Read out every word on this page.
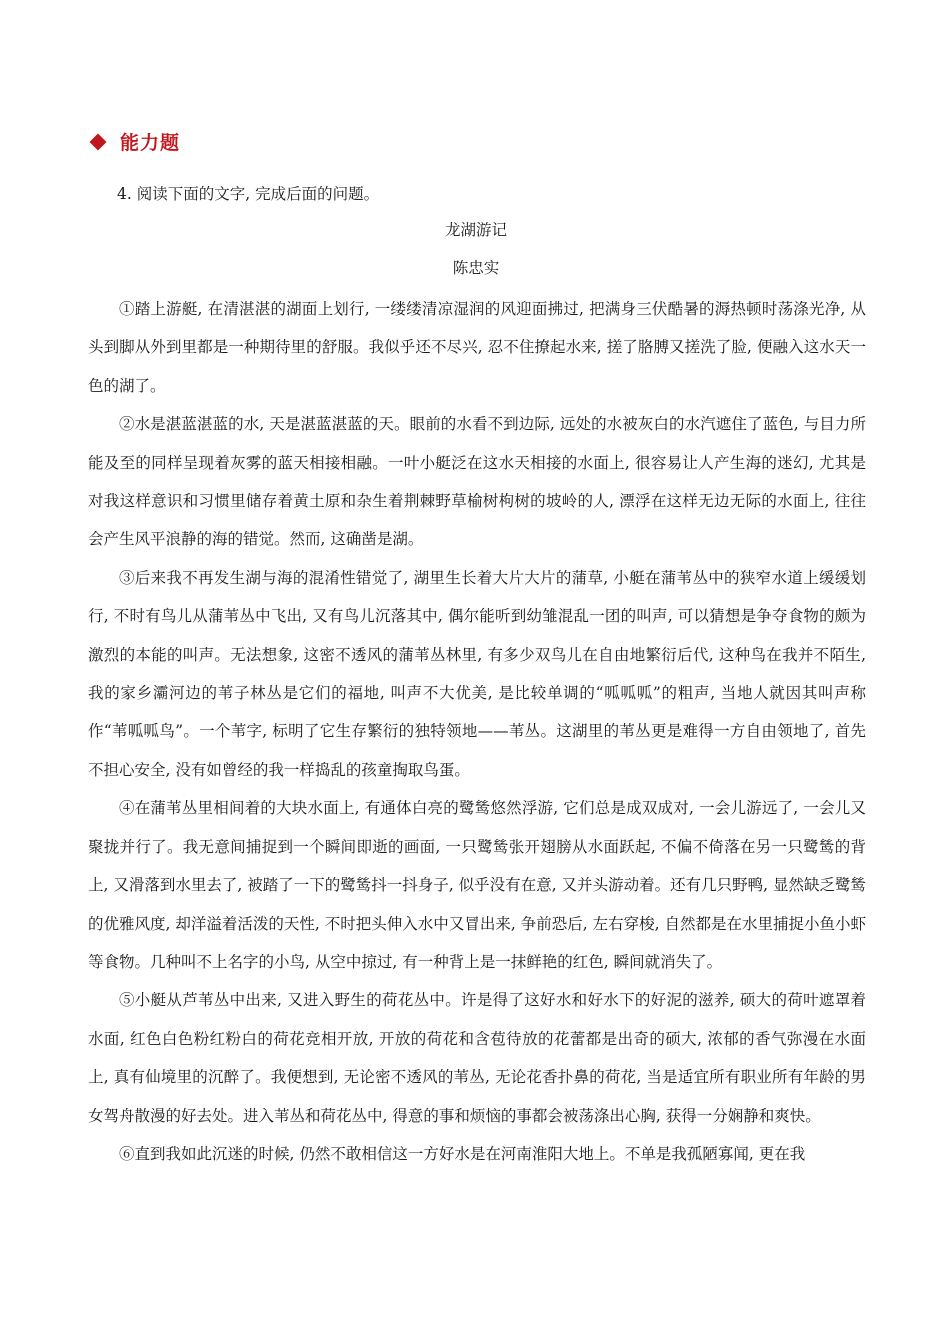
能力题
4. 阅读下面的文字, 完成后面的问题。
龙湖游记
陈忠实

①踏上游艇, 在清湛湛的湖面上划行, 一缕缕清凉湿润的风迎面拂过, 把满身三伏酷暑的溽热顿时荡涤光净, 从头到脚从外到里都是一种期待里的舒服。我似乎还不尽兴, 忍不住撩起水来, 搓了胳膊又搓洗了脸, 便融入这水天一色的湖了。

②水是湛蓝湛蓝的水, 天是湛蓝湛蓝的天。眼前的水看不到边际, 远处的水被灰白的水汽遮住了蓝色, 与目力所能及至的同样呈现着灰雾的蓝天相接相融。一叶小艇泛在这水天相接的水面上, 很容易让人产生海的迷幻, 尤其是对我这样意识和习惯里储存着黄土原和杂生着荆棘野草榆树枸树的坡岭的人, 漂浮在这样无边无际的水面上, 往往会产生风平浪静的海的错觉。然而, 这确凿是湖。

③后来我不再发生湖与海的混淆性错觉了, 湖里生长着大片大片的蒲草, 小艇在蒲苇丛中的狭窄水道上缓缓划行, 不时有鸟儿从蒲苇丛中飞出, 又有鸟儿沉落其中, 偶尔能听到幼雏混乱一团的叫声, 可以猜想是争夺食物的颇为激烈的本能的叫声。无法想象, 这密不透风的蒲苇丛林里, 有多少双鸟儿在自由地繁衍后代, 这种鸟在我并不陌生, 我的家乡灞河边的苇子林丛是它们的福地, 叫声不大优美, 是比较单调的“呱呱呱”的粗声, 当地人就因其叫声称作“苇呱呱鸟”。一个苇字, 标明了它生存繁衍的独特领地——苇丛。这湖里的苇丛更是难得一方自由领地了, 首先不担心安全, 没有如曾经的我一样捣乱的孩童掏取鸟蛋。

④在蒲苇丛里相间着的大块水面上, 有通体白亮的鹭鸶悠然浮游, 它们总是成双成对, 一会儿游远了, 一会儿又聚拢并行了。我无意间捕捉到一个瞬间即逝的画面, 一只鹭鸶张开翅膀从水面跃起, 不偏不倚落在另一只鹭鸶的背上, 又滑落到水里去了, 被踏了一下的鹭鸶抖一抖身子, 似乎没有在意, 又并头游动着。还有几只野鸭, 显然缺乏鹭鸶的优雅风度, 却洋溢着活泼的天性, 不时把头伸入水中又冒出来, 争前恐后, 左右穿梭, 自然都是在水里捕捉小鱼小虾等食物。几种叫不上名字的小鸟, 从空中掠过, 有一种背上是一抹鲜艳的红色, 瞬间就消失了。

⑤小艇从芦苇丛中出来, 又进入野生的荷花丛中。许是得了这好水和好水下的好泥的滋养, 硕大的荷叶遮罩着水面, 红色白色粉红粉白的荷花竞相开放, 开放的荷花和含苞待放的花蕾都是出奇的硕大, 浓郁的香气弥漫在水面上, 真有仙境里的沉醉了。我便想到, 无论密不透风的苇丛, 无论花香扑鼻的荷花, 当是适宜所有职业所有年龄的男女驾舟散漫的好去处。进入苇丛和荷花丛中, 得意的事和烦恼的事都会被荡涤出心胸, 获得一分娴静和爽快。

⑥直到我如此沉迷的时候, 仍然不敢相信这一方好水是在河南淮阳大地上。不单是我孤陋寡闻, 更在我
